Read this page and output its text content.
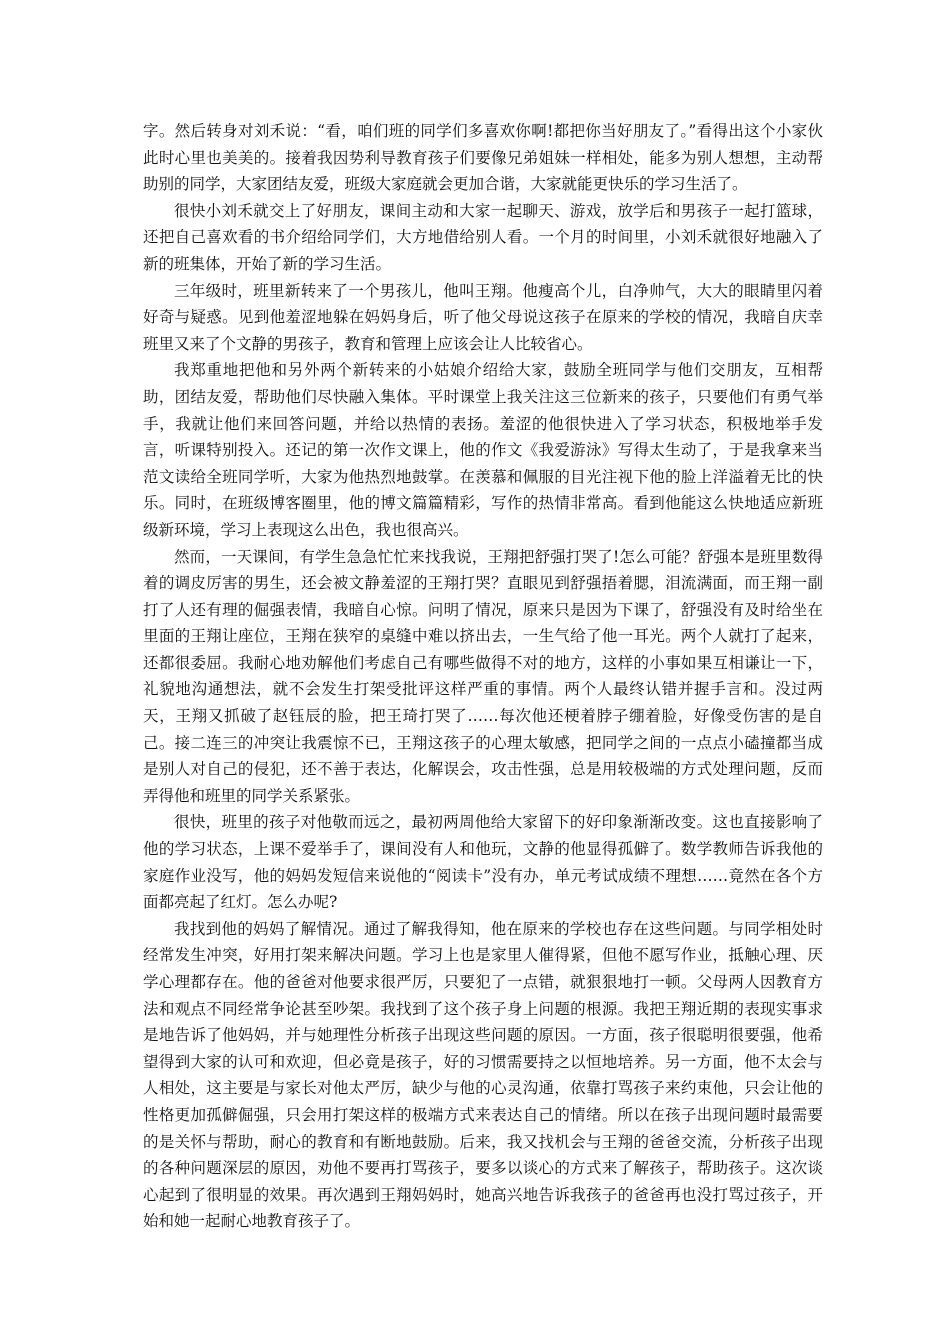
字。然后转身对刘禾说：“看，咱们班的同学们多喜欢你啊!都把你当好朋友了。”看得出这个小家伙此时心里也美美的。接着我因势利导教育孩子们要像兄弟姐妹一样相处，能多为别人想想，主动帮助别的同学，大家团结友爱，班级大家庭就会更加合谐，大家就能更快乐的学习生活了。

很快小刘禾就交上了好朋友，课间主动和大家一起聊天、游戏，放学后和男孩子一起打篮球，还把自己喜欢看的书介绍给同学们，大方地借给别人看。一个月的时间里，小刘禾就很好地融入了新的班集体，开始了新的学习生活。

三年级时，班里新转来了一个男孩儿，他叫王翔。他瘦高个儿，白净帅气，大大的眼睛里闪着好奇与疑惑。见到他羞涩地躲在妈妈身后，听了他父母说这孩子在原来的学校的情况，我暗自庆幸班里又来了个文静的男孩子，教育和管理上应该会让人比较省心。

我郑重地把他和另外两个新转来的小姑娘介绍给大家，鼓励全班同学与他们交朋友，互相帮助，团结友爱，帮助他们尽快融入集体。平时课堂上我关注这三位新来的孩子，只要他们有勇气举手，我就让他们来回答问题，并给以热情的表扬。羞涩的他很快进入了学习状态，积极地举手发言，听课特别投入。还记的第一次作文课上，他的作文《我爱游泳》写得太生动了，于是我拿来当范文读给全班同学听，大家为他热烈地鼓掌。在羡慕和佩服的目光注视下他的脸上洋溢着无比的快乐。同时，在班级博客圈里，他的博文篇篇精彩，写作的热情非常高。看到他能这么快地适应新班级新环境，学习上表现这么出色，我也很高兴。

然而，一天课间，有学生急急忙忙来找我说，王翔把舒强打哭了!怎么可能？舒强本是班里数得着的调皮厉害的男生，还会被文静羞涩的王翔打哭？直眼见到舒强捂着腮，泪流满面，而王翔一副打了人还有理的倔强表情，我暗自心惊。问明了情况，原来只是因为下课了，舒强没有及时给坐在里面的王翔让座位，王翔在狭窄的桌缝中难以挤出去，一生气给了他一耳光。两个人就打了起来，还都很委屈。我耐心地劝解他们考虑自己有哪些做得不对的地方，这样的小事如果互相谦让一下，礼貌地沟通想法，就不会发生打架受批评这样严重的事情。两个人最终认错并握手言和。没过两天，王翔又抓破了赵钰辰的脸，把王琦打哭了……每次他还梗着脖子绷着脸，好像受伤害的是自己。接二连三的冲突让我震惊不已，王翔这孩子的心理太敏感，把同学之间的一点点小磕撞都当成是别人对自己的侵犯，还不善于表达，化解误会，攻击性强，总是用较极端的方式处理问题，反而弄得他和班里的同学关系紧张。

很快，班里的孩子对他敬而远之，最初两周他给大家留下的好印象渐渐改变。这也直接影响了他的学习状态，上课不爱举手了，课间没有人和他玩，文静的他显得孤僻了。数学教师告诉我他的家庭作业没写，他的妈妈发短信来说他的“阅读卡”没有办，单元考试成绩不理想……竟然在各个方面都亮起了红灯。怎么办呢?

我找到他的妈妈了解情况。通过了解我得知，他在原来的学校也存在这些问题。与同学相处时经常发生冲突，好用打架来解决问题。学习上也是家里人催得紧，但他不愿写作业，抵触心理、厌学心理都存在。他的爸爸对他要求很严厉，只要犯了一点错，就狠狠地打一顿。父母两人因教育方法和观点不同经常争论甚至吵架。我找到了这个孩子身上问题的根源。我把王翔近期的表现实事求是地告诉了他妈妈，并与她理性分析孩子出现这些问题的原因。一方面，孩子很聪明很要强，他希望得到大家的认可和欢迎，但必竟是孩子，好的习惯需要持之以恒地培养。另一方面，他不太会与人相处，这主要是与家长对他太严厉，缺少与他的心灵沟通，依靠打骂孩子来约束他，只会让他的性格更加孤僻倔强，只会用打架这样的极端方式来表达自己的情绪。所以在孩子出现问题时最需要的是关怀与帮助，耐心的教育和有断地鼓励。后来，我又找机会与王翔的爸爸交流，分析孩子出现的各种问题深层的原因，劝他不要再打骂孩子，要多以谈心的方式来了解孩子，帮助孩子。这次谈心起到了很明显的效果。再次遇到王翔妈妈时，她高兴地告诉我孩子的爸爸再也没打骂过孩子，开始和她一起耐心地教育孩子了。
